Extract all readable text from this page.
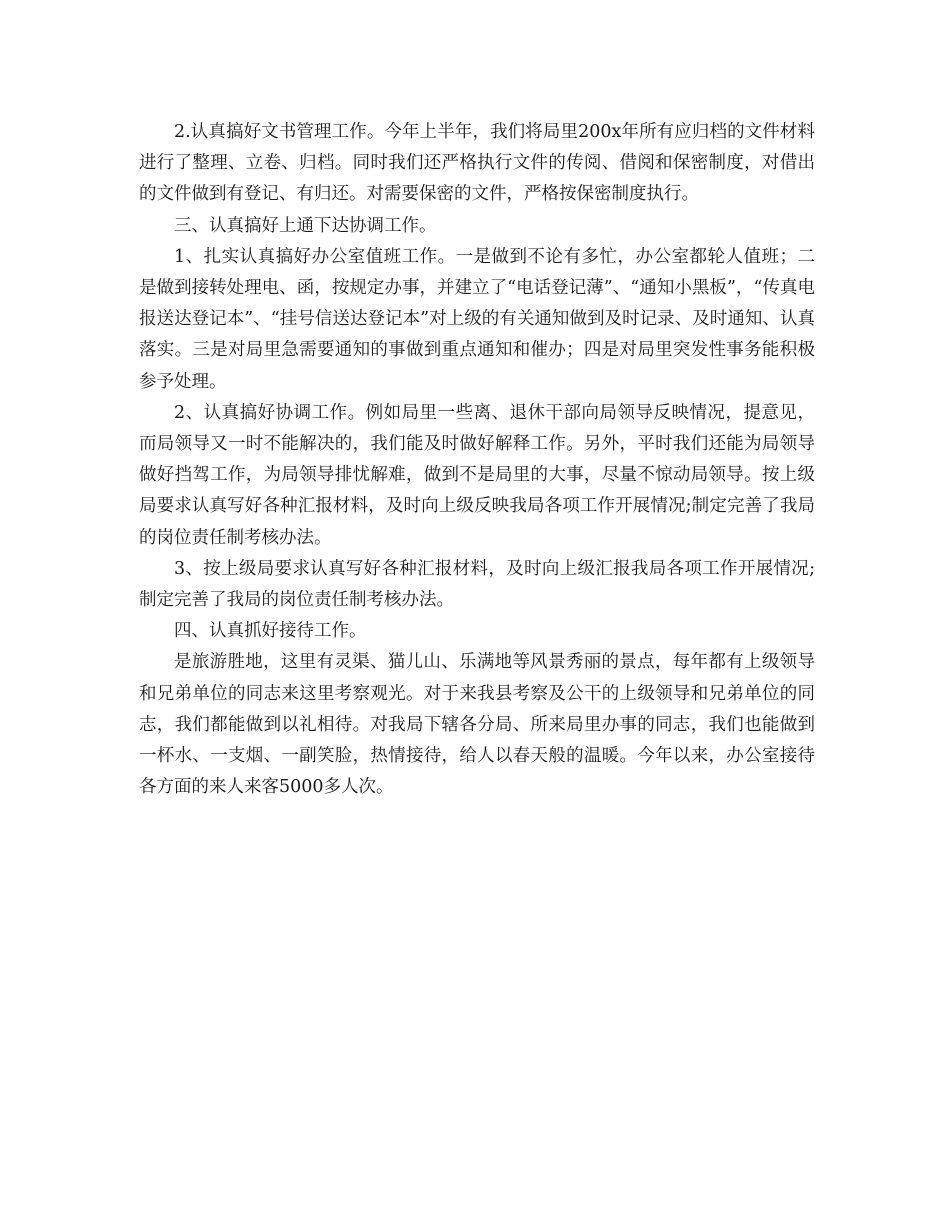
2.认真搞好文书管理工作。今年上半年，我们将局里200x年所有应归档的文件材料进行了整理、立卷、归档。同时我们还严格执行文件的传阅、借阅和保密制度，对借出的文件做到有登记、有归还。对需要保密的文件，严格按保密制度执行。

三、认真搞好上通下达协调工作。

1、扎实认真搞好办公室值班工作。一是做到不论有多忙，办公室都轮人值班；二是做到接转处理电、函，按规定办事，并建立了“电话登记薄”、“通知小黑板”，“传真电报送达登记本”、“挂号信送达登记本”对上级的有关通知做到及时记录、及时通知、认真落实。三是对局里急需要通知的事做到重点通知和催办；四是对局里突发性事务能积极参予处理。

2、认真搞好协调工作。例如局里一些离、退休干部向局领导反映情况，提意见，而局领导又一时不能解决的，我们能及时做好解释工作。另外，平时我们还能为局领导做好挡驾工作，为局领导排忧解难，做到不是局里的大事，尽量不惊动局领导。按上级局要求认真写好各种汇报材料，及时向上级反映我局各项工作开展情况;制定完善了我局的岗位责任制考核办法。

3、按上级局要求认真写好各种汇报材料，及时向上级汇报我局各项工作开展情况;制定完善了我局的岗位责任制考核办法。

四、认真抓好接待工作。

是旅游胜地，这里有灵渠、猫儿山、乐满地等风景秀丽的景点，每年都有上级领导和兄弟单位的同志来这里考察观光。对于来我县考察及公干的上级领导和兄弟单位的同志，我们都能做到以礼相待。对我局下辖各分局、所来局里办事的同志，我们也能做到一杯水、一支烟、一副笑脸，热情接待，给人以春天般的温暖。今年以来，办公室接待各方面的来人来客5000多人次。
